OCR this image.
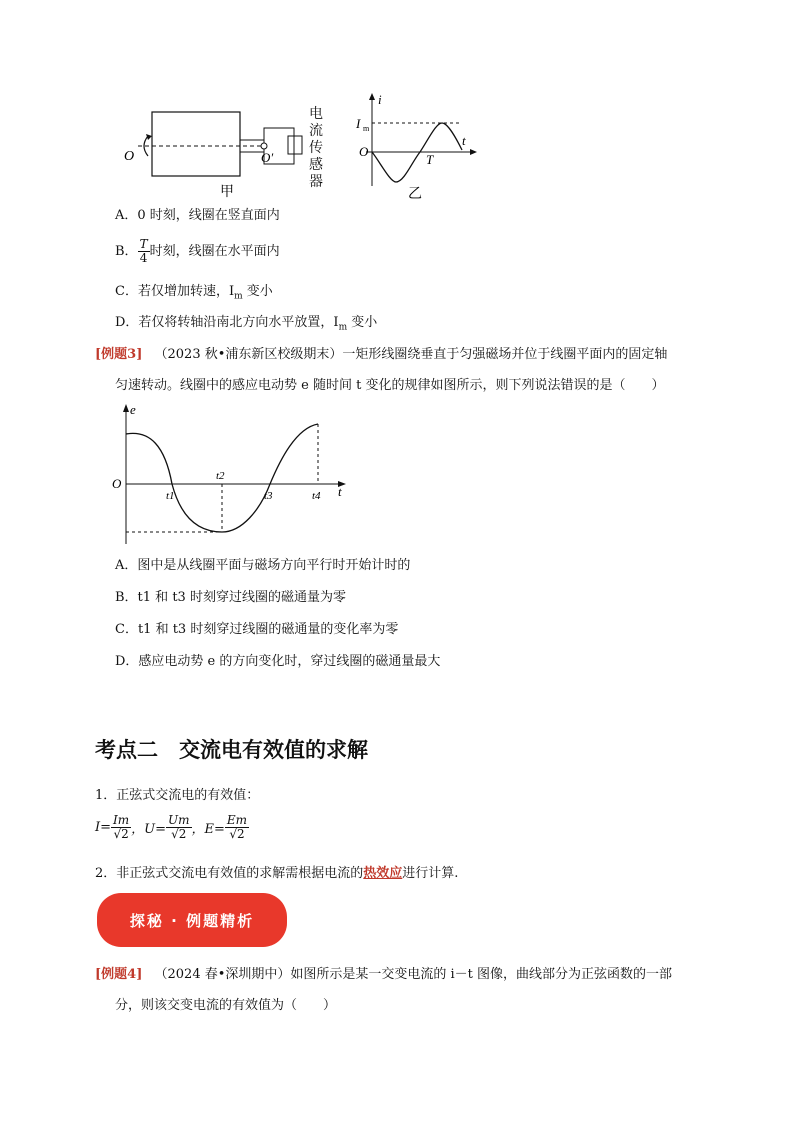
O	O′
甲
电
流
传
感
器
i
I m
O
t
T
乙
A．0 时刻，线圈在竖直面内
B． $\frac{T}{4}$ 时刻，线圈在水平面内
C．若仅增加转速，$I_m$ 变小
D．若仅将转轴沿南北方向水平放置，$I_m$ 变小
[例题3] （2023 秋•浦东新区校级期末）一矩形线圈绕垂直于匀强磁场并位于线圈平面内的固定轴
匀速转动。线圈中的感应电动势 e 随时间 t 变化的规律如图所示，则下列说法错误的是（　　）
e
O
t
t1
t2
t3	t4
A．图中是从线圈平面与磁场方向平行时开始计时的
B．t1 和 t3 时刻穿过线圈的磁通量为零
C．t1 和 t3 时刻穿过线圈的磁通量的变化率为零
D．感应电动势 e 的方向变化时，穿过线圈的磁通量最大
考点二　交流电有效值的求解
1．正弦式交流电的有效值：
$I= \frac{Im}{√2}$ ，$U= \frac{Um}{√2}$ ，$E= \frac{Em}{√2}$
2．非正弦式交流电有效值的求解需根据电流的热效应进行计算.
探秘 · 例题精析
[例题4] （2024 春•深圳期中）如图所示是某一交变电流的 i－t 图像，曲线部分为正弦函数的一部
分，则该交变电流的有效值为（　　）
